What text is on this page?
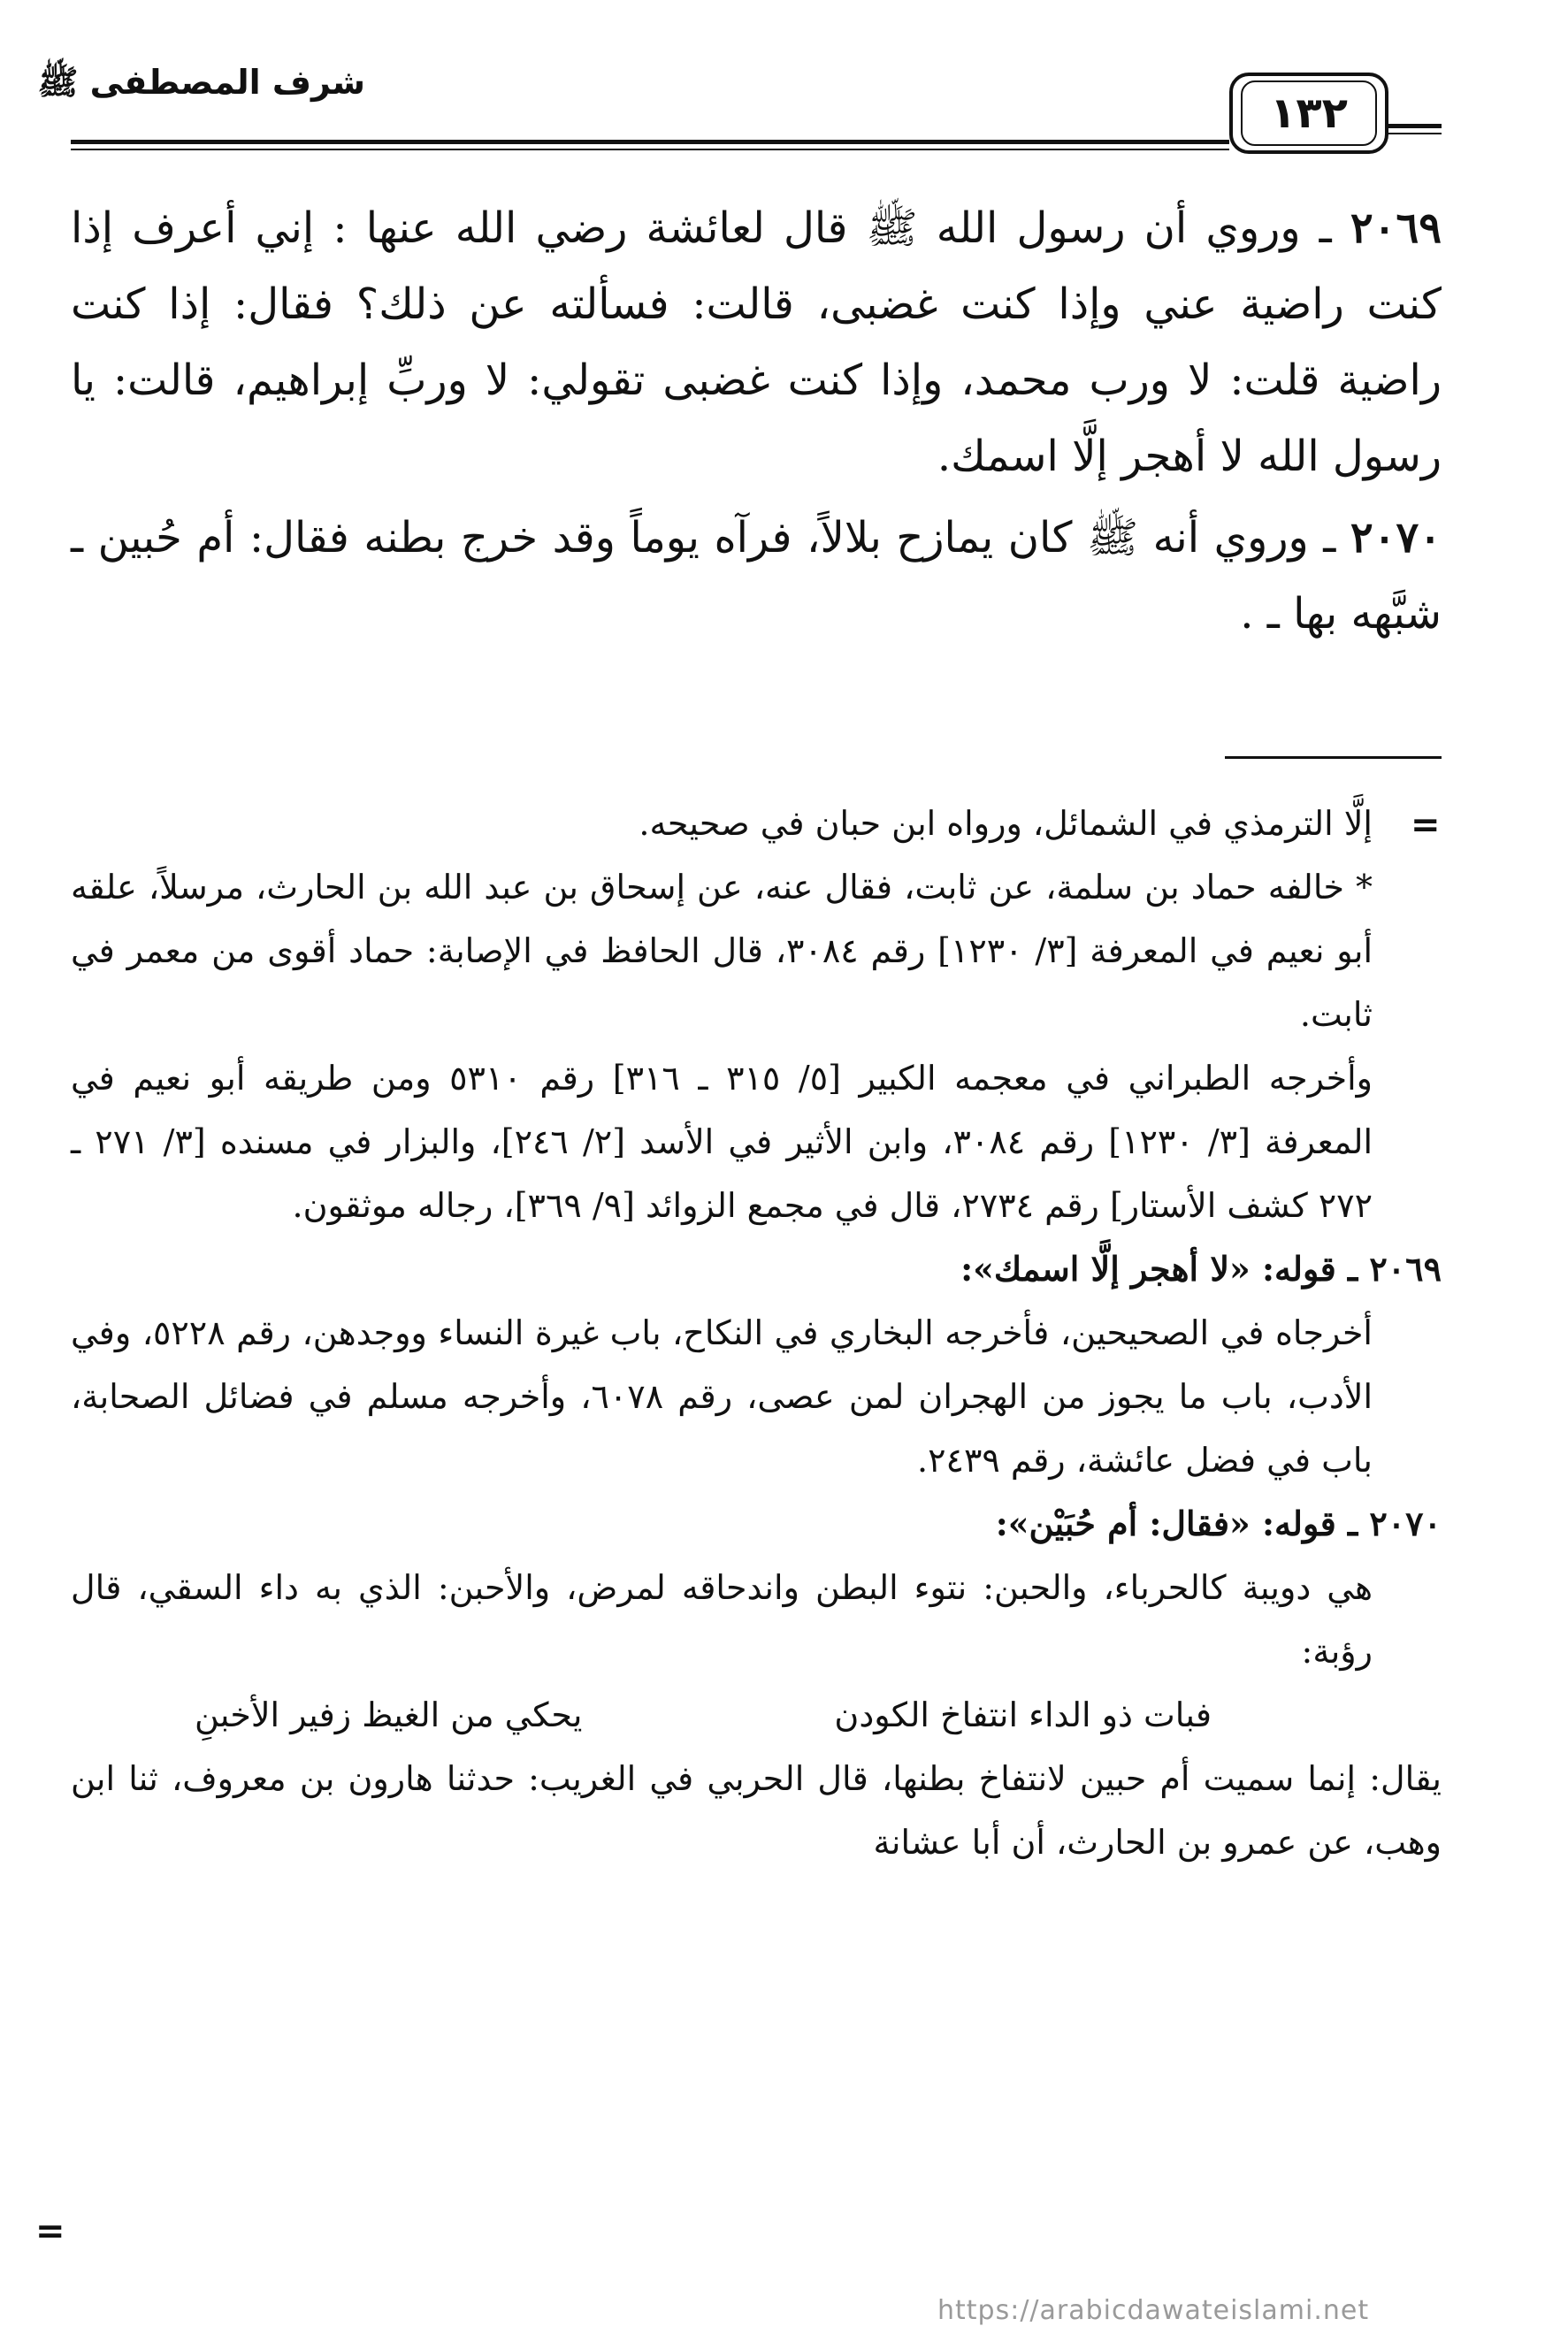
شرف المصطفى ﷺ
١٣٢

٢٠٦٩ ـ وروي أن رسول الله ﷺ قال لعائشة رضي الله عنها : إني أعرف إذا كنت راضية عني وإذا كنت غضبى، قالت: فسألته عن ذلك؟ فقال: إذا كنت راضية قلت: لا ورب محمد، وإذا كنت غضبى تقولي: لا وربِّ إبراهيم، قالت: يا رسول الله لا أهجر إلَّا اسمك.

٢٠٧٠ ـ وروي أنه ﷺ كان يمازح بلالاً، فرآه يوماً وقد خرج بطنه فقال: أم حُبين ـ شبَّهه بها ـ .

=

إلَّا الترمذي في الشمائل، ورواه ابن حبان في صحيحه.

* خالفه حماد بن سلمة، عن ثابت، فقال عنه، عن إسحاق بن عبد الله بن الحارث، مرسلاً، علقه أبو نعيم في المعرفة [٣/ ١٢٣٠] رقم ٣٠٨٤، قال الحافظ في الإصابة: حماد أقوى من معمر في ثابت.

وأخرجه الطبراني في معجمه الكبير [٥/ ٣١٥ ـ ٣١٦] رقم ٥٣١٠ ومن طريقه أبو نعيم في المعرفة [٣/ ١٢٣٠] رقم ٣٠٨٤، وابن الأثير في الأسد [٢/ ٢٤٦]، والبزار في مسنده [٣/ ٢٧١ ـ ٢٧٢ كشف الأستار] رقم ٢٧٣٤، قال في مجمع الزوائد [٩/ ٣٦٩]، رجاله موثقون.

٢٠٦٩ ـ قوله: «لا أهجر إلَّا اسمك»:

أخرجاه في الصحيحين، فأخرجه البخاري في النكاح، باب غيرة النساء ووجدهن، رقم ٥٢٢٨، وفي الأدب، باب ما يجوز من الهجران لمن عصى، رقم ٦٠٧٨، وأخرجه مسلم في فضائل الصحابة، باب في فضل عائشة، رقم ٢٤٣٩.

٢٠٧٠ ـ قوله: «فقال: أم حُبَيْن»:

هي دويبة كالحرباء، والحبن: نتوء البطن واندحاقه لمرض، والأحبن: الذي به داء السقي، قال رؤبة:

فبات ذو الداء انتفاخ الكودن
يحكي من الغيظ زفير الأخبنِ

يقال: إنما سميت أم حبين لانتفاخ بطنها، قال الحربي في الغريب: حدثنا هارون بن معروف، ثنا ابن وهب، عن عمرو بن الحارث، أن أبا عشانة

=
https://arabicdawateislami.net
